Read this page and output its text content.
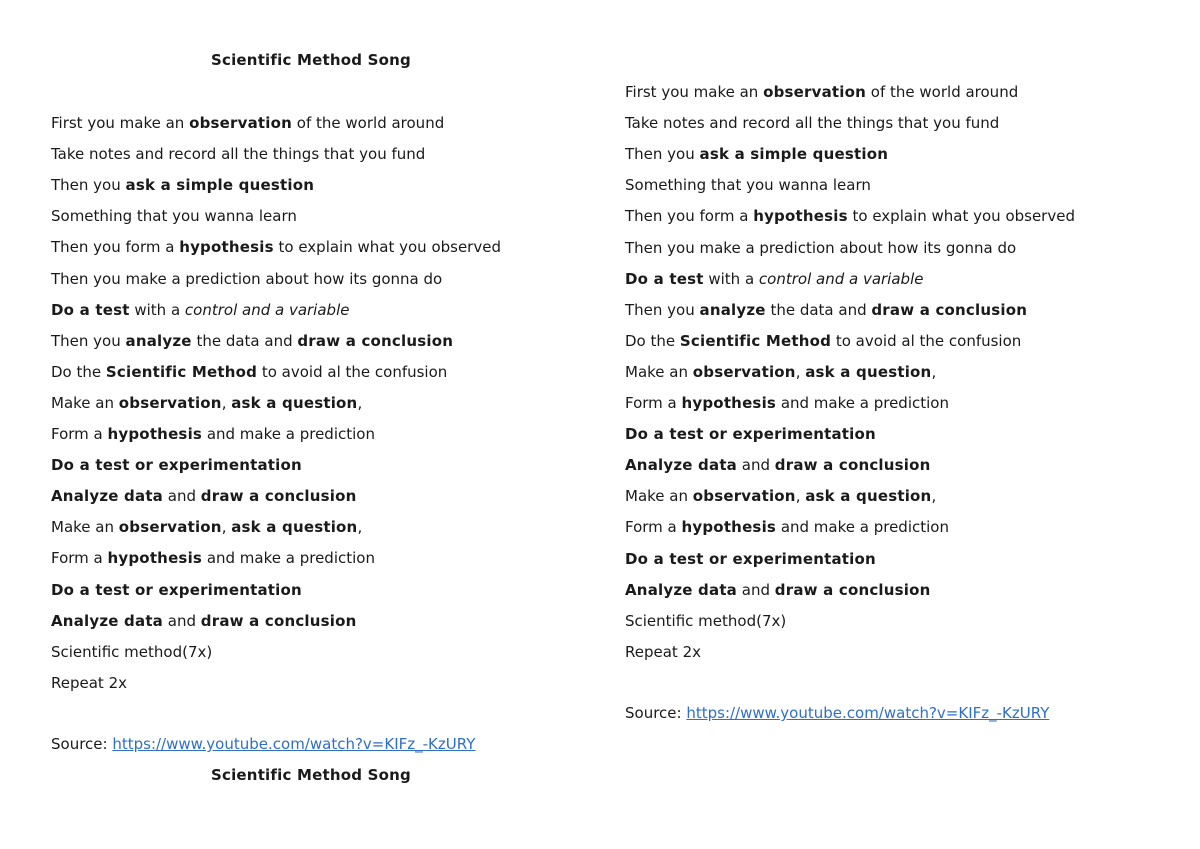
Scientific Method Song
First you make an observation of the world around
Take notes and record all the things that you fund
Then you ask a simple question
Something that you wanna learn
Then you form a hypothesis to explain what you observed
Then you make a prediction about how its gonna do
Do a test with a control and a variable
Then you analyze the data and draw a conclusion
Do the Scientific Method to avoid al the confusion
Make an observation, ask a question,
Form a hypothesis and make a prediction
Do a test or experimentation
Analyze data and draw a conclusion
Make an observation, ask a question,
Form a hypothesis and make a prediction
Do a test or experimentation
Analyze data and draw a conclusion
Scientific method(7x)
Repeat 2x
Source: https://www.youtube.com/watch?v=KIFz_-KzURY
Scientific Method Song
First you make an observation of the world around
Take notes and record all the things that you fund
Then you ask a simple question
Something that you wanna learn
Then you form a hypothesis to explain what you observed
Then you make a prediction about how its gonna do
Do a test with a control and a variable
Then you analyze the data and draw a conclusion
Do the Scientific Method to avoid al the confusion
Make an observation, ask a question,
Form a hypothesis and make a prediction
Do a test or experimentation
Analyze data and draw a conclusion
Make an observation, ask a question,
Form a hypothesis and make a prediction
Do a test or experimentation
Analyze data and draw a conclusion
Scientific method(7x)
Repeat 2x
Source: https://www.youtube.com/watch?v=KIFz_-KzURY
